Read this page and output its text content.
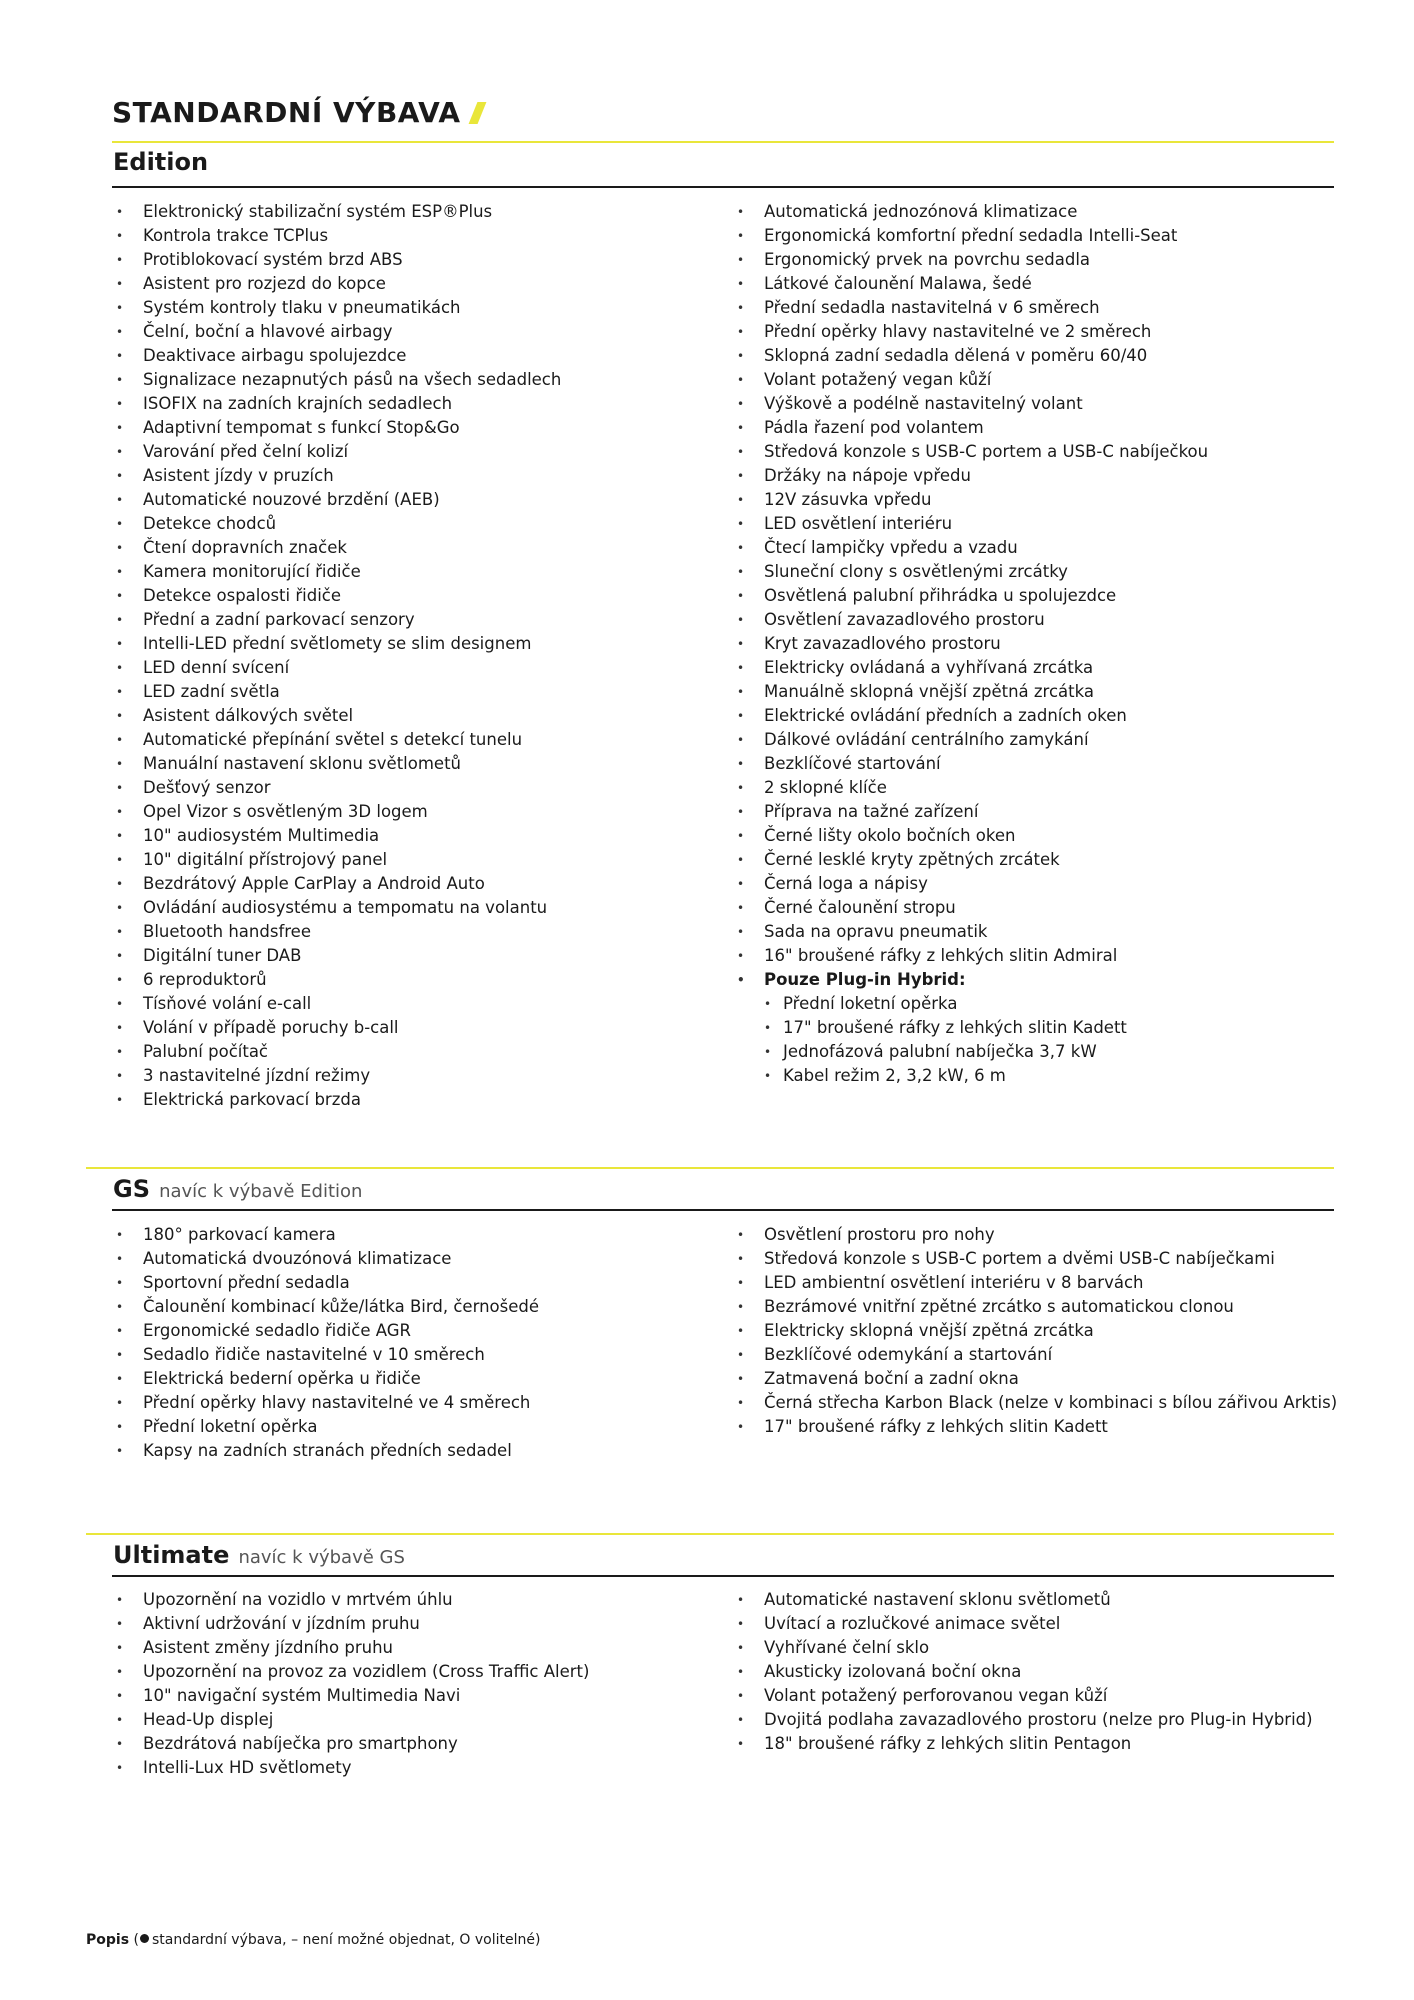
STANDARDNÍ VÝBAVA
Edition
• Elektronický stabilizační systém ESP®Plus
• Kontrola trakce TCPlus
• Protiblokovací systém brzd ABS
• Asistent pro rozjezd do kopce
• Systém kontroly tlaku v pneumatikách
• Čelní, boční a hlavové airbagy
• Deaktivace airbagu spolujezdce
• Signalizace nezapnutých pásů na všech sedadlech
• ISOFIX na zadních krajních sedadlech
• Adaptivní tempomat s funkcí Stop&Go
• Varování před čelní kolizí
• Asistent jízdy v pruzích
• Automatické nouzové brzdění (AEB)
• Detekce chodců
• Čtení dopravních značek
• Kamera monitorující řidiče
• Detekce ospalosti řidiče
• Přední a zadní parkovací senzory
• Intelli-LED přední světlomety se slim designem
• LED denní svícení
• LED zadní světla
• Asistent dálkových světel
• Automatické přepínání světel s detekcí tunelu
• Manuální nastavení sklonu světlometů
• Dešťový senzor
• Opel Vizor s osvětleným 3D logem
• 10" audiosystém Multimedia
• 10" digitální přístrojový panel
• Bezdrátový Apple CarPlay a Android Auto
• Ovládání audiosystému a tempomatu na volantu
• Bluetooth handsfree
• Digitální tuner DAB
• 6 reproduktorů
• Tísňové volání e-call
• Volání v případě poruchy b-call
• Palubní počítač
• 3 nastavitelné jízdní režimy
• Elektrická parkovací brzda
• Automatická jednozónová klimatizace
• Ergonomická komfortní přední sedadla Intelli-Seat
• Ergonomický prvek na povrchu sedadla
• Látkové čalounění Malawa, šedé
• Přední sedadla nastavitelná v 6 směrech
• Přední opěrky hlavy nastavitelné ve 2 směrech
• Sklopná zadní sedadla dělená v poměru 60/40
• Volant potažený vegan kůží
• Výškově a podélně nastavitelný volant
• Pádla řazení pod volantem
• Středová konzole s USB-C portem a USB-C nabíječkou
• Držáky na nápoje vpředu
• 12V zásuvka vpředu
• LED osvětlení interiéru
• Čtecí lampičky vpředu a vzadu
• Sluneční clony s osvětlenými zrcátky
• Osvětlená palubní přihrádka u spolujezdce
• Osvětlení zavazadlového prostoru
• Kryt zavazadlového prostoru
• Elektricky ovládaná a vyhřívaná zrcátka
• Manuálně sklopná vnější zpětná zrcátka
• Elektrické ovládání předních a zadních oken
• Dálkové ovládání centrálního zamykání
• Bezklíčové startování
• 2 sklopné klíče
• Příprava na tažné zařízení
• Černé lišty okolo bočních oken
• Černé lesklé kryty zpětných zrcátek
• Černá loga a nápisy
• Černé čalounění stropu
• Sada na opravu pneumatik
• 16" broušené ráfky z lehkých slitin Admiral
• Pouze Plug-in Hybrid:
• Přední loketní opěrka
• 17" broušené ráfky z lehkých slitin Kadett
• Jednofázová palubní nabíječka 3,7 kW
• Kabel režim 2, 3,2 kW, 6 m
GS navíc k výbavě Edition
• 180° parkovací kamera
• Automatická dvouzónová klimatizace
• Sportovní přední sedadla
• Čalounění kombinací kůže/látka Bird, černošedé
• Ergonomické sedadlo řidiče AGR
• Sedadlo řidiče nastavitelné v 10 směrech
• Elektrická bederní opěrka u řidiče
• Přední opěrky hlavy nastavitelné ve 4 směrech
• Přední loketní opěrka
• Kapsy na zadních stranách předních sedadel
• Osvětlení prostoru pro nohy
• Středová konzole s USB-C portem a dvěmi USB-C nabíječkami
• LED ambientní osvětlení interiéru v 8 barvách
• Bezrámové vnitřní zpětné zrcátko s automatickou clonou
• Elektricky sklopná vnější zpětná zrcátka
• Bezklíčové odemykání a startování
• Zatmavená boční a zadní okna
• Černá střecha Karbon Black (nelze v kombinaci s bílou zářivou Arktis)
• 17" broušené ráfky z lehkých slitin Kadett
Ultimate navíc k výbavě GS
• Upozornění na vozidlo v mrtvém úhlu
• Aktivní udržování v jízdním pruhu
• Asistent změny jízdního pruhu
• Upozornění na provoz za vozidlem (Cross Traffic Alert)
• 10" navigační systém Multimedia Navi
• Head-Up displej
• Bezdrátová nabíječka pro smartphony
• Intelli-Lux HD světlomety
• Automatické nastavení sklonu světlometů
• Uvítací a rozlučkové animace světel
• Vyhřívané čelní sklo
• Akusticky izolovaná boční okna
• Volant potažený perforovanou vegan kůží
• Dvojitá podlaha zavazadlového prostoru (nelze pro Plug-in Hybrid)
• 18" broušené ráfky z lehkých slitin Pentagon
Popis ( standardní výbava, – není možné objednat, O volitelné)
